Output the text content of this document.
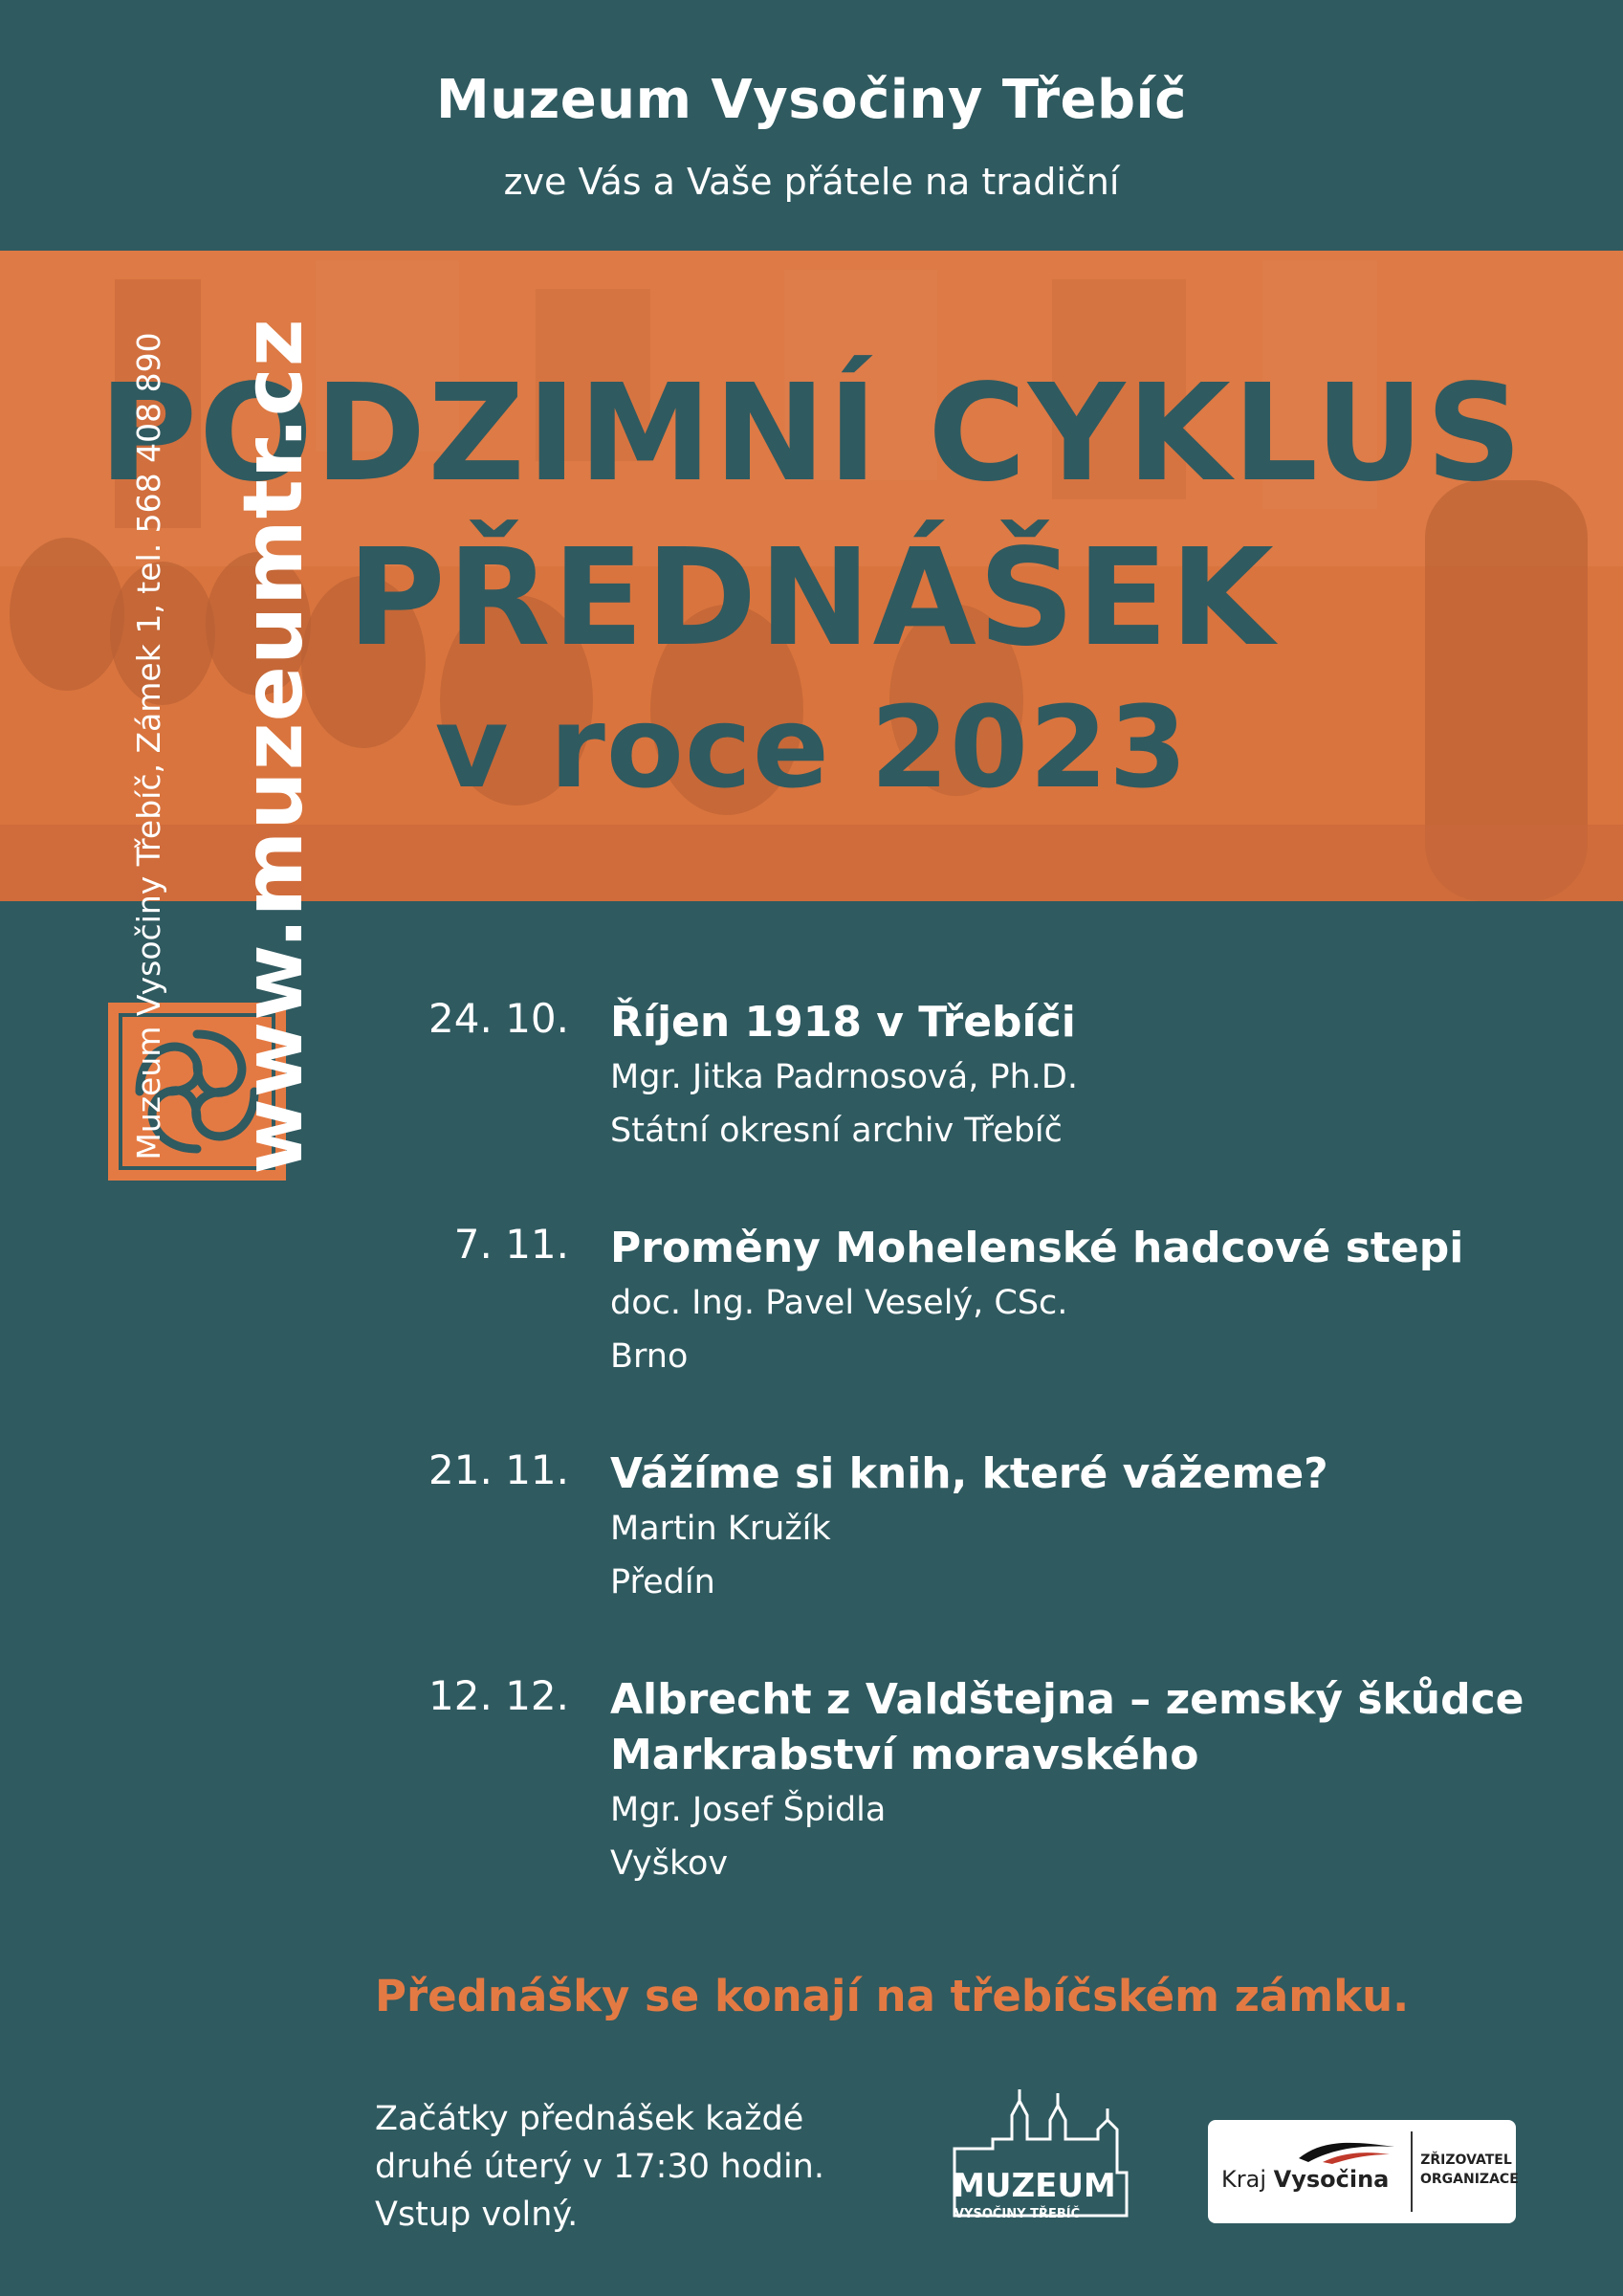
Muzeum Vysočiny Třebíč
zve Vás a Vaše přátele na tradiční
PODZIMNÍ CYKLUS
PŘEDNÁŠEK
v roce 2023
www.muzeumtr.cz
Muzeum Vysočiny Třebíč, Zámek 1, tel. 568 408 890	24. 10. Říjen 1918 v Třebíči
Mgr. Jitka Padrnosová, Ph.D.
Státní okresní archiv Třebíč
7. 11. Proměny Mohelenské hadcové stepi
doc. Ing. Pavel Veselý, CSc.
Brno
21. 11. Vážíme si knih, které vážeme?
Martin Kružík
Předín
12. 12. Albrecht z Valdštejna – zemský škůdce
Markrabství moravského
Mgr. Josef Špidla
Vyškov
Přednášky se konají na třebíčském zámku.
Začátky přednášek každé
druhé úterý v 17:30 hodin.
Vstup volný.
MUZEUM
VYSOČINY TŘEBÍČ
Kraj Vysočina
ZŘIZOVATEL
ORGANIZACE
